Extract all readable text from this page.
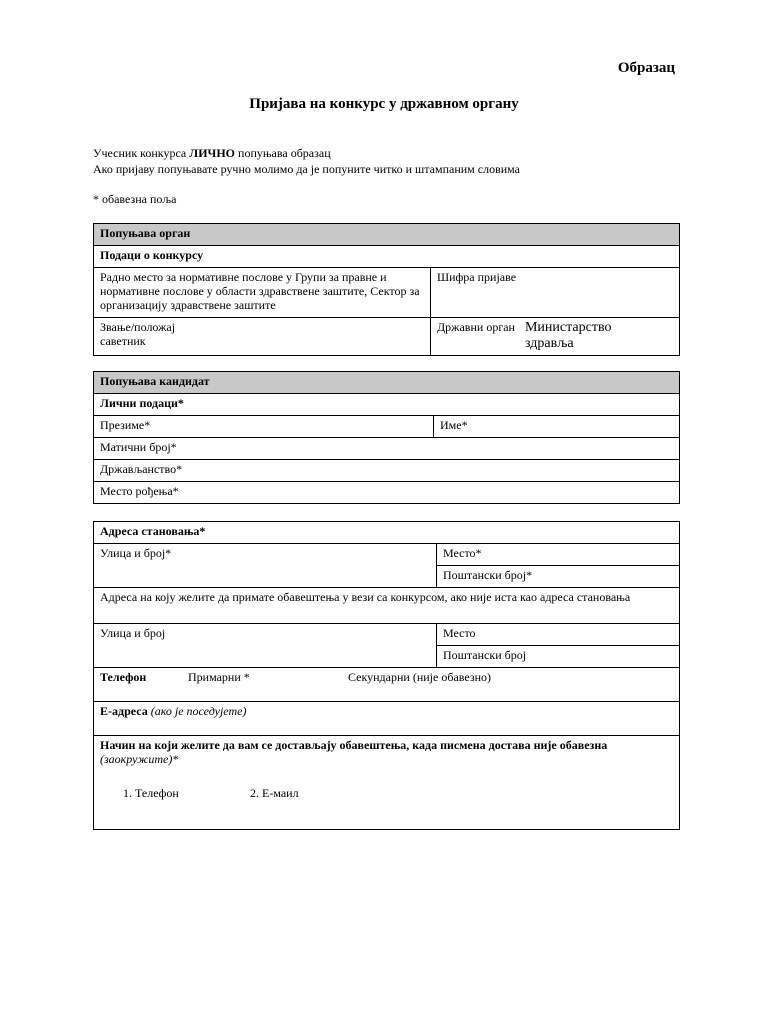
Образац
Пријава на конкурс у државном органу
Учесник конкурса ЛИЧНО попуњава образац
Ако пријаву попуњавате ручно молимо да је попуните читко и штампаним словима
* обавезна поља
Попуњава орган	
Подаци о конкурсу	
Радно место за нормативне послове у Групи за правне и нормативне послове у области здравствене заштите, Сектор за организацију здравствене заштите	Шифра пријаве

Звање/положај
саветник	Државни орган Министарство здравља
Попуњава кандидат
Лични подаци*
Презиме*	Име*
Матични број*
Држављанство*
Место рођења*
Адреса становања*	
Улица и број*	Место*
	Поштански број*
Адреса на коју желите да примате обавештења у вези са конкурсом, ако није иста као адреса становања	
Улица и број	Место
	Поштански број
Телефон Примарни * Секундарни (није обавезно)	

Е-адреса (ако је поседујете)	

Начин на који желите да вам се достављају обавештења, када писмена достава није обавезна (заокружите)*
1. Телефон 2. Е-маил	
